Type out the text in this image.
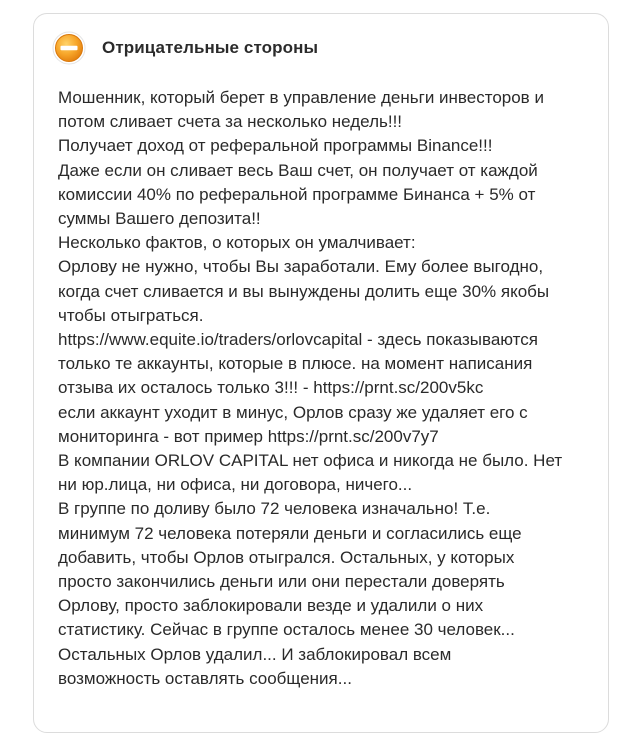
Отрицательные стороны
Мошенник, который берет в управление деньги инвесторов и
потом сливает счета за несколько недель!!!
Получает доход от реферальной программы Binance!!!
Даже если он сливает весь Ваш счет, он получает от каждой
комиссии 40% по реферальной программе Бинанса + 5% от
суммы Вашего депозита!!
Несколько фактов, о которых он умалчивает:
Орлову не нужно, чтобы Вы заработали. Ему более выгодно,
когда счет сливается и вы вынуждены долить еще 30% якобы
чтобы отыграться.
https://www.equite.io/traders/orlovcapital - здесь показываются
только те аккаунты, которые в плюсе. на момент написания
отзыва их осталось только 3!!! - https://prnt.sc/200v5kc
если аккаунт уходит в минус, Орлов сразу же удаляет его с
мониторинга - вот пример https://prnt.sc/200v7y7
В компании ORLOV CAPITAL нет офиса и никогда не было. Нет
ни юр.лица, ни офиса, ни договора, ничего...
В группе по доливу было 72 человека изначально! Т.е.
минимум 72 человека потеряли деньги и согласились еще
добавить, чтобы Орлов отыгрался. Остальных, у которых
просто закончились деньги или они перестали доверять
Орлову, просто заблокировали везде и удалили о них
статистику. Сейчас в группе осталось менее 30 человек...
Остальных Орлов удалил... И заблокировал всем
возможность оставлять сообщения...
